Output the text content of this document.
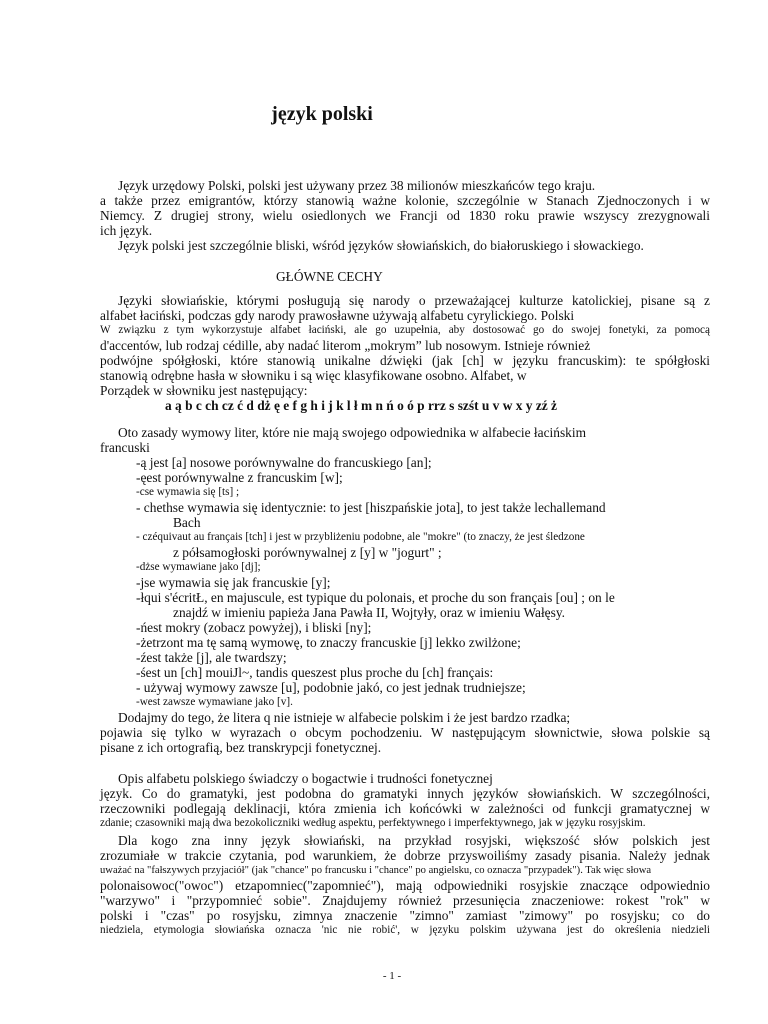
język polski
Język urzędowy Polski, polski jest używany przez 38 milionów mieszkańców tego kraju.
a także przez emigrantów, którzy stanowią ważne kolonie, szczególnie w Stanach Zjednoczonych i w
Niemcy. Z drugiej strony, wielu osiedlonych we Francji od 1830 roku prawie wszyscy zrezygnowali
ich język.
Język polski jest szczególnie bliski, wśród języków słowiańskich, do białoruskiego i słowackiego.
GŁÓWNE CECHY
Języki słowiańskie, którymi posługują się narody o przeważającej kulturze katolickiej, pisane są z
alfabet łaciński, podczas gdy narody prawosławne używają alfabetu cyrylickiego. Polski
W związku z tym wykorzystuje alfabet łaciński, ale go uzupełnia, aby dostosować go do swojej fonetyki, za pomocą
d'accentów, lub rodzaj cédille, aby nadać literom „mokrym” lub nosowym. Istnieje również
podwójne spółgłoski, które stanowią unikalne dźwięki (jak [ch] w języku francuskim): te spółgłoski
stanowią odrębne hasła w słowniku i są więc klasyfikowane osobno. Alfabet, w
Porządek w słowniku jest następujący:
a ą b c ch cz ć d dż ę e f g h i j k l ł m n ń o ó p rrz s szśt u v w x y zź ż
Oto zasady wymowy liter, które nie mają swojego odpowiednika w alfabecie łacińskim
francuski
-ą jest [a] nosowe porównywalne do francuskiego [an];
-ęest porównywalne z francuskim [w];
-cse wymawia się [ts] ;
- chethse wymawia się identycznie: to jest [hiszpańskie jota], to jest także lechallemand
Bach
- czéquivaut au français [tch] i jest w przybliżeniu podobne, ale "mokre" (to znaczy, że jest śledzone
z półsamogłoski porównywalnej z [y] w "jogurt" ;
-dżse wymawiane jako [dj];
-jse wymawia się jak francuskie [y];
-łqui s'écritŁ, en majuscule, est typique du polonais, et proche du son français [ou] ; on le
znajdź w imieniu papieża Jana Pawła II, Wojtyły, oraz w imieniu Wałęsy.
-ńest mokry (zobacz powyżej), i bliski [ny];
-żetrzont ma tę samą wymowę, to znaczy francuskie [j] lekko zwilżone;
-źest także [j], ale twardszy;
-śest un [ch] mouiJl~, tandis queszest plus proche du [ch] français:
- używaj wymowy zawsze [u], podobnie jakó, co jest jednak trudniejsze;
-west zawsze wymawiane jako [v].
Dodajmy do tego, że litera q nie istnieje w alfabecie polskim i że jest bardzo rzadka;
pojawia się tylko w wyrazach o obcym pochodzeniu. W następującym słownictwie, słowa polskie są
pisane z ich ortografią, bez transkrypcji fonetycznej.
Opis alfabetu polskiego świadczy o bogactwie i trudności fonetycznej
język. Co do gramatyki, jest podobna do gramatyki innych języków słowiańskich. W szczególności,
rzeczowniki podlegają deklinacji, która zmienia ich końcówki w zależności od funkcji gramatycznej w
zdanie; czasowniki mają dwa bezokoliczniki według aspektu, perfektywnego i imperfektywnego, jak w języku rosyjskim.
Dla kogo zna inny język słowiański, na przykład rosyjski, większość słów polskich jest
zrozumiałe w trakcie czytania, pod warunkiem, że dobrze przyswoiliśmy zasady pisania. Należy jednak
uważać na "fałszywych przyjaciół" (jak "chance" po francusku i "chance" po angielsku, co oznacza "przypadek"). Tak więc słowa
polonaisowoc("owoc") etzapomniec("zapomnieć"), mają odpowiedniki rosyjskie znaczące odpowiednio
"warzywo" i "przypomnieć sobie". Znajdujemy również przesunięcia znaczeniowe: rokest "rok" w
polski i "czas" po rosyjsku, zimnya znaczenie "zimno" zamiast "zimowy" po rosyjsku; co do
niedziela, etymologia słowiańska oznacza 'nic nie robić', w języku polskim używana jest do określenia niedzieli
- 1 -
